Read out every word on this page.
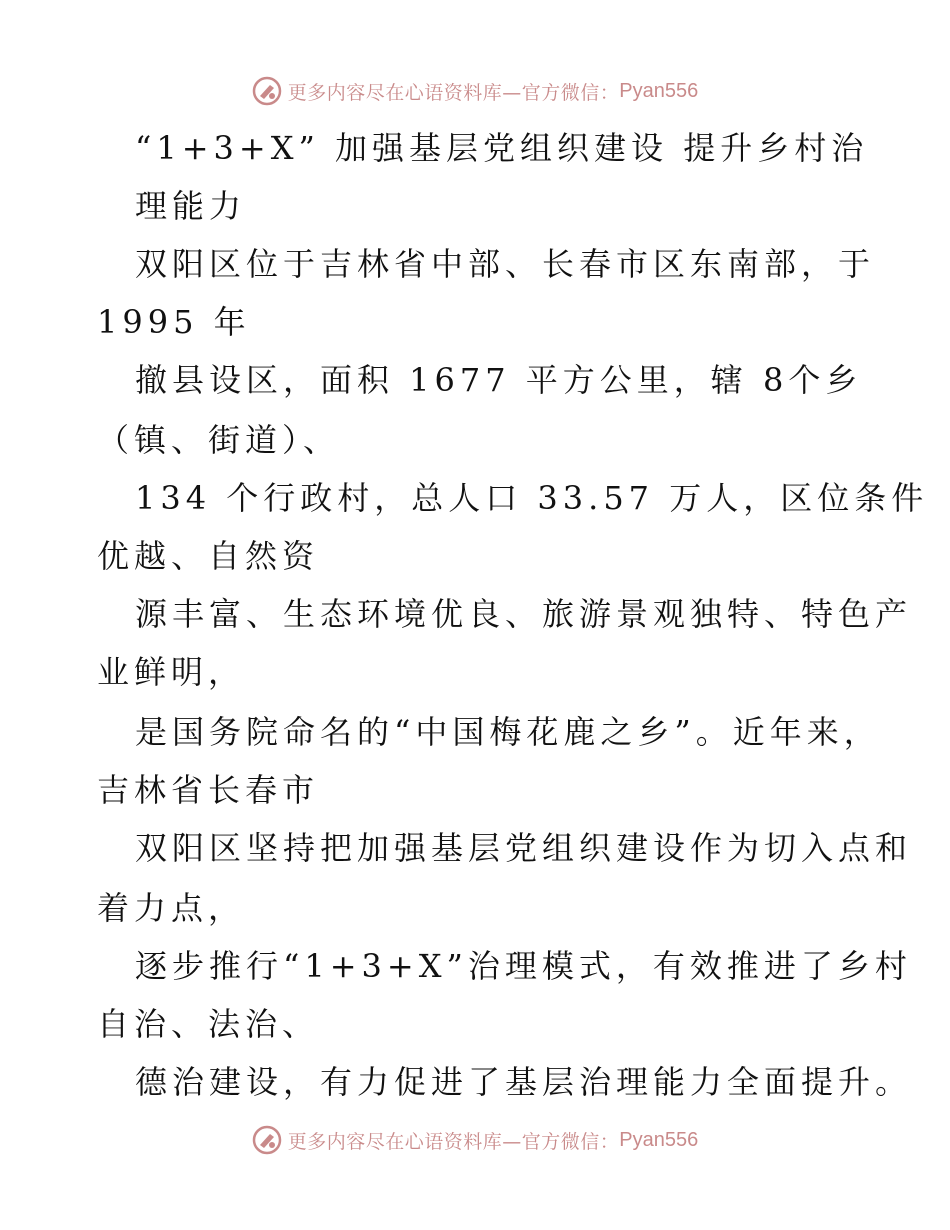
更多内容尽在心语资料库—官方微信： Pyan556
“1+3+X” 加强基层党组织建设 提升乡村治
理能力
双阳区位于吉林省中部、长春市区东南部，于
1995 年
撤县设区，面积 1677 平方公里，辖 8个乡
（镇、街道）、
134 个行政村，总人口 33.57 万人，区位条件
优越、自然资
源丰富、生态环境优良、旅游景观独特、特色产
业鲜明，
是国务院命名的“中国梅花鹿之乡”。近年来，
吉林省长春市
双阳区坚持把加强基层党组织建设作为切入点和
着力点，
逐步推行“1+3+X”治理模式，有效推进了乡村
自治、法治、
德治建设，有力促进了基层治理能力全面提升。
更多内容尽在心语资料库—官方微信： Pyan556
